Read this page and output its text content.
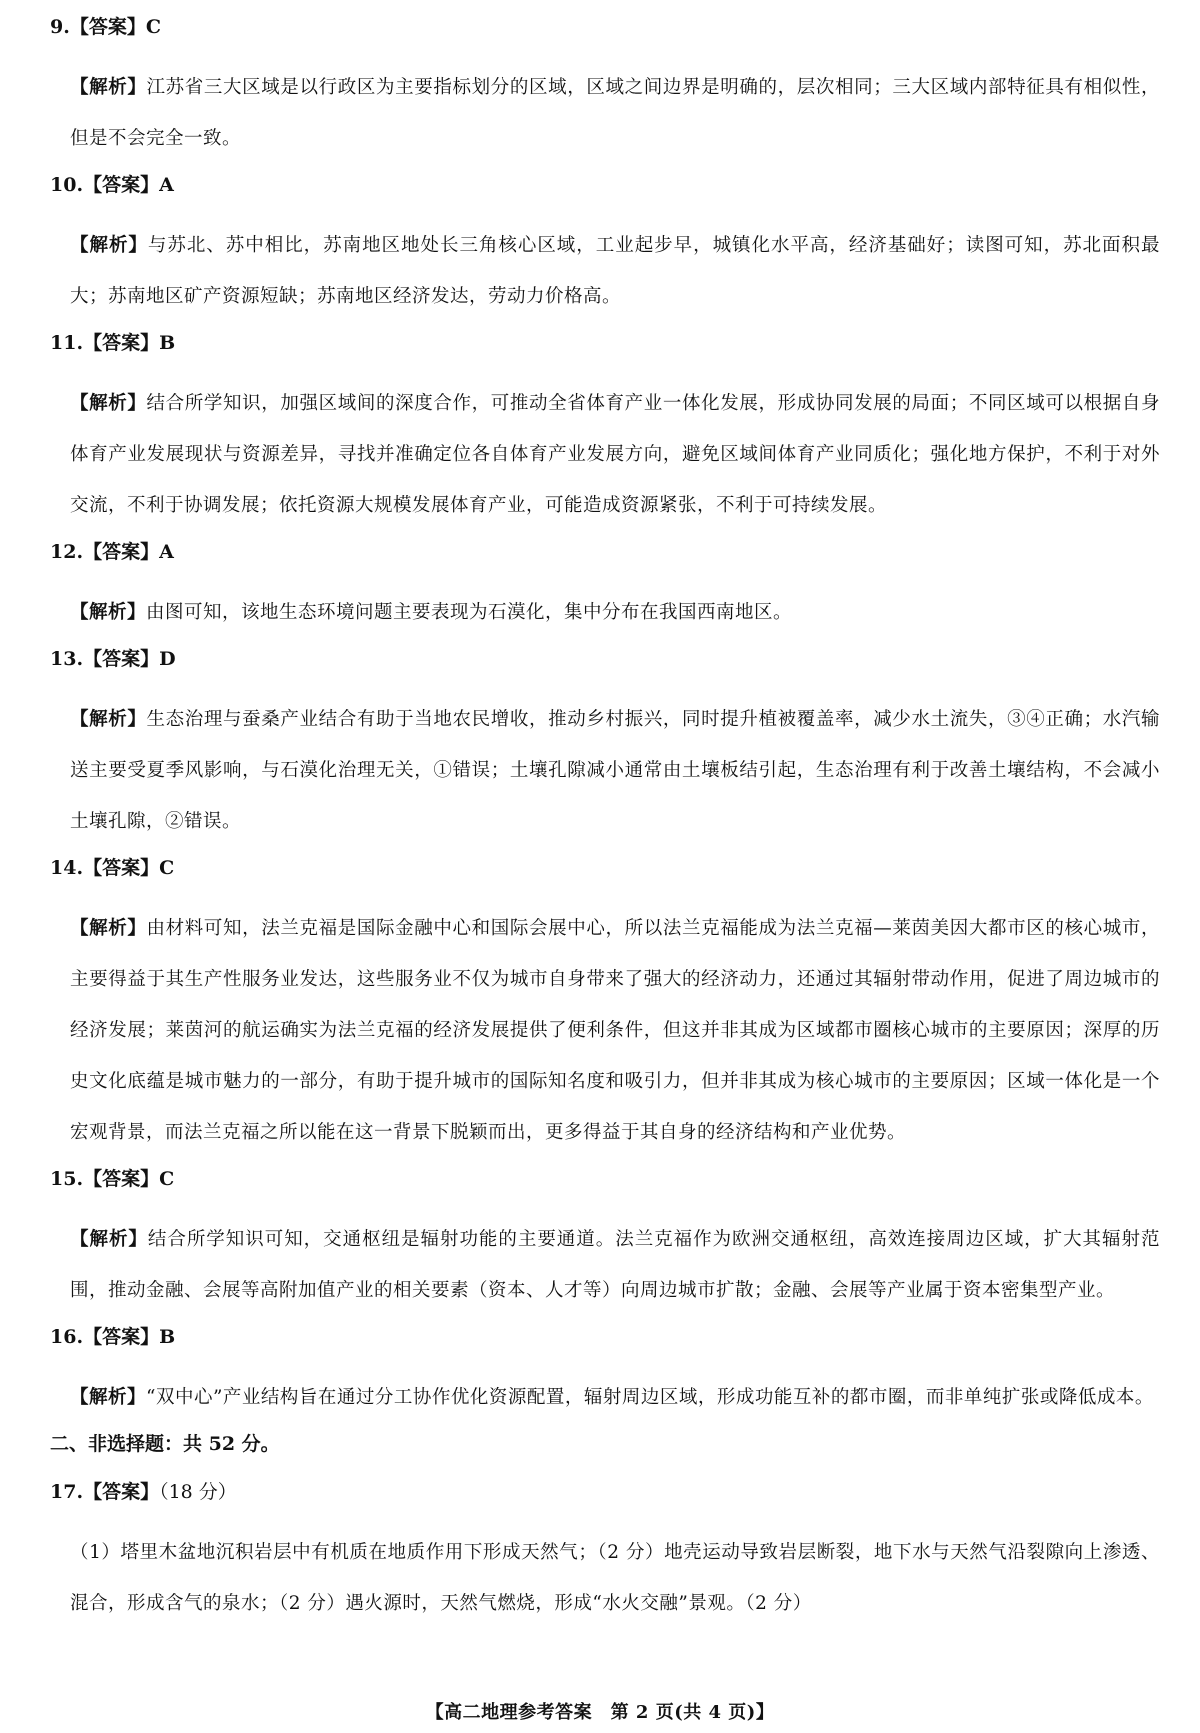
9.【答案】C
【解析】江苏省三大区域是以行政区为主要指标划分的区域，区域之间边界是明确的，层次相同；三大区域内部特征具有相似性，但是不会完全一致。
10.【答案】A
【解析】与苏北、苏中相比，苏南地区地处长三角核心区域，工业起步早，城镇化水平高，经济基础好；读图可知，苏北面积最大；苏南地区矿产资源短缺；苏南地区经济发达，劳动力价格高。
11.【答案】B
【解析】结合所学知识，加强区域间的深度合作，可推动全省体育产业一体化发展，形成协同发展的局面；不同区域可以根据自身体育产业发展现状与资源差异，寻找并准确定位各自体育产业发展方向，避免区域间体育产业同质化；强化地方保护，不利于对外交流，不利于协调发展；依托资源大规模发展体育产业，可能造成资源紧张，不利于可持续发展。
12.【答案】A
【解析】由图可知，该地生态环境问题主要表现为石漠化，集中分布在我国西南地区。
13.【答案】D
【解析】生态治理与蚕桑产业结合有助于当地农民增收，推动乡村振兴，同时提升植被覆盖率，减少水土流失，③④正确；水汽输送主要受夏季风影响，与石漠化治理无关，①错误；土壤孔隙减小通常由土壤板结引起，生态治理有利于改善土壤结构，不会减小土壤孔隙，②错误。
14.【答案】C
【解析】由材料可知，法兰克福是国际金融中心和国际会展中心，所以法兰克福能成为法兰克福—莱茵美因大都市区的核心城市，主要得益于其生产性服务业发达，这些服务业不仅为城市自身带来了强大的经济动力，还通过其辐射带动作用，促进了周边城市的经济发展；莱茵河的航运确实为法兰克福的经济发展提供了便利条件，但这并非其成为区域都市圈核心城市的主要原因；深厚的历史文化底蕴是城市魅力的一部分，有助于提升城市的国际知名度和吸引力，但并非其成为核心城市的主要原因；区域一体化是一个宏观背景，而法兰克福之所以能在这一背景下脱颖而出，更多得益于其自身的经济结构和产业优势。
15.【答案】C
【解析】结合所学知识可知，交通枢纽是辐射功能的主要通道。法兰克福作为欧洲交通枢纽，高效连接周边区域，扩大其辐射范围，推动金融、会展等高附加值产业的相关要素（资本、人才等）向周边城市扩散；金融、会展等产业属于资本密集型产业。
16.【答案】B
【解析】“双中心”产业结构旨在通过分工协作优化资源配置，辐射周边区域，形成功能互补的都市圈，而非单纯扩张或降低成本。
二、非选择题：共 52 分。
17.【答案】（18 分）
（1）塔里木盆地沉积岩层中有机质在地质作用下形成天然气；（2 分）地壳运动导致岩层断裂，地下水与天然气沿裂隙向上渗透、混合，形成含气的泉水；（2 分）遇火源时，天然气燃烧，形成“水火交融”景观。（2 分）
【高二地理参考答案　第 2 页(共 4 页)】
